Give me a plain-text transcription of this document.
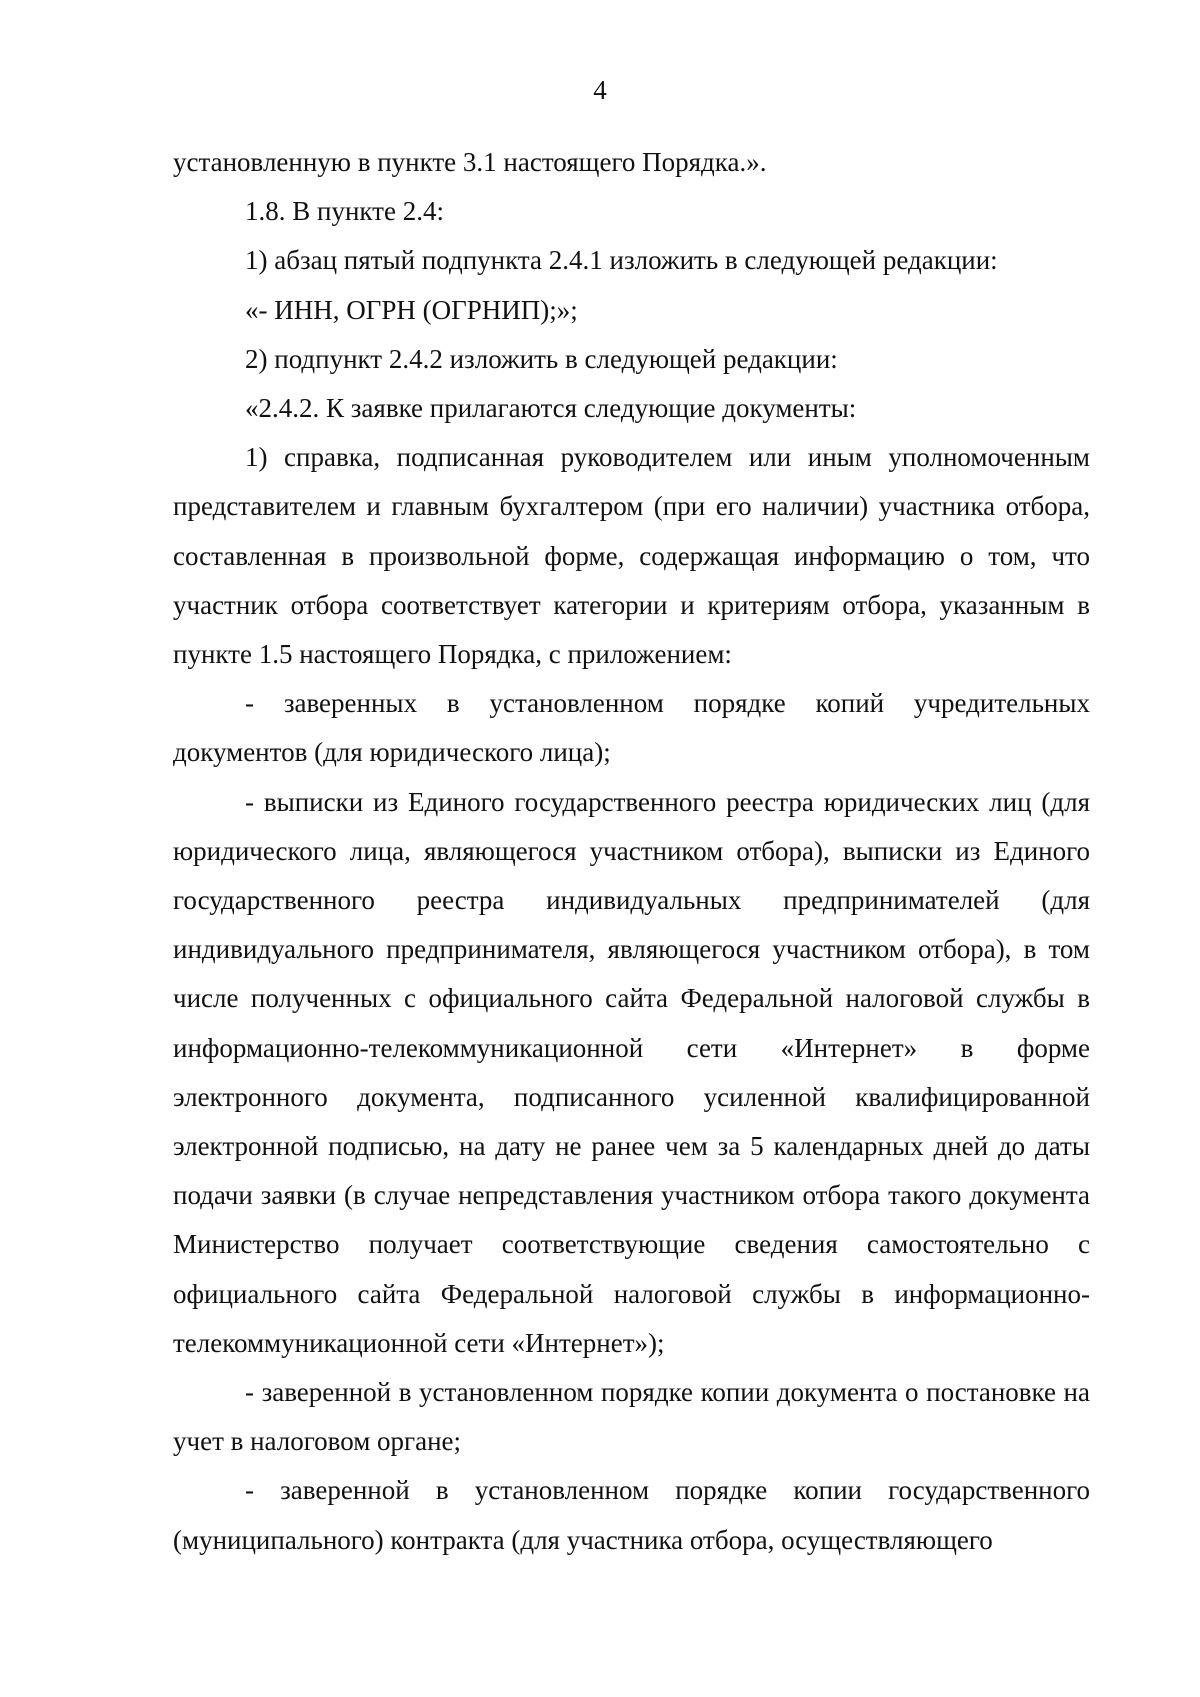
4

установленную в пункте 3.1 настоящего Порядка.».

1.8. В пункте 2.4:

1) абзац пятый подпункта 2.4.1 изложить в следующей редакции:

«- ИНН, ОГРН (ОГРНИП);»;

2) подпункт 2.4.2 изложить в следующей редакции:

«2.4.2. К заявке прилагаются следующие документы:

1) справка, подписанная руководителем или иным уполномоченным представителем и главным бухгалтером (при его наличии) участника отбора, составленная в произвольной форме, содержащая информацию о том, что участник отбора соответствует категории и критериям отбора, указанным в пункте 1.5 настоящего Порядка, с приложением:

- заверенных в установленном порядке копий учредительных документов (для юридического лица);

- выписки из Единого государственного реестра юридических лиц (для юридического лица, являющегося участником отбора), выписки из Единого государственного реестра индивидуальных предпринимателей (для индивидуального предпринимателя, являющегося участником отбора), в том числе полученных с официального сайта Федеральной налоговой службы в информационно-телекоммуникационной сети «Интернет» в форме электронного документа, подписанного усиленной квалифицированной электронной подписью, на дату не ранее чем за 5 календарных дней до даты подачи заявки (в случае непредставления участником отбора такого документа Министерство получает соответствующие сведения самостоятельно с официального сайта Федеральной налоговой службы в информационно-телекоммуникационной сети «Интернет»);

- заверенной в установленном порядке копии документа о постановке на учет в налоговом органе;

- заверенной в установленном порядке копии государственного (муниципального) контракта (для участника отбора, осуществляющего
